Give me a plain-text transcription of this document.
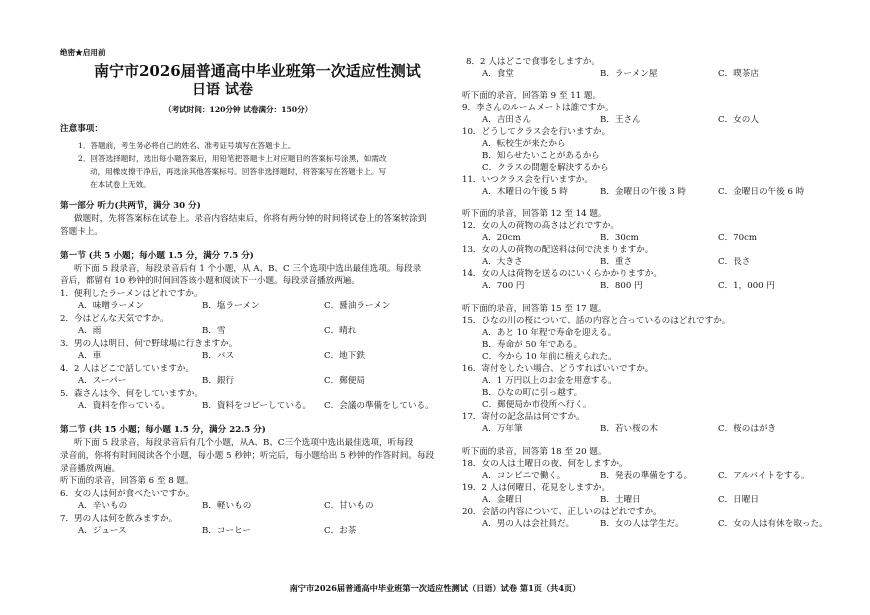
绝密★启用前
南宁市2026届普通高中毕业班第一次适应性测试
日语 试卷
（考试时间：120分钟 试卷满分：150分）
注意事项：
1．答题前，考生务必将自己的姓名、准考证号填写在答题卡上。
2．回答选择题时，选出每小题答案后，用铅笔把答题卡上对应题目的答案标号涂黑，如需改
动，用橡皮擦干净后，再选涂其他答案标号。回答非选择题时，将答案写在答题卡上。写
在本试卷上无效。
第一部分 听力(共两节，满分 30 分)
做题时，先将答案标在试卷上。录音内容结束后，你将有两分钟的时间将试卷上的答案转涂到
答题卡上。
第一节 (共 5 小题；每小题 1.5 分，满分 7.5 分)
听下面 5 段录音，每段录音后有 1 个小题，从 A、B、C 三个选项中选出最佳选项。每段录
音后，都留有 10 秒钟的时间回答该小题和阅读下一小题。每段录音播放两遍。
1．便利したラーメンはどれですか。
A．味噌ラーメン	B．塩ラーメン	C．醤油ラーメン
2．今はどんな天気ですか。
A．雨	B．雪	C．晴れ
3．男の人は明日、何で野球場に行きますか。
A．車	B．バス	C．地下鉄
4．2 人はどこで話していますか。
A．スーパー	B．銀行	C．郵便局
5．森さんは今、何をしていますか。
A．資料を作っている。	B．資料をコピーしている。 C．会議の準備をしている。
第二节 (共 15 小题；每小题 1.5 分，满分 22.5 分)
听下面 5 段录音，每段录音后有几个小题，从A、B、C三个选项中选出最佳选项，听每段
录音前，你将有时间阅读各个小题，每小题 5 秒钟；听完后，每小题给出 5 秒钟的作答时间。每段
录音播放两遍。
听下面的录音，回答第 6 至 8 题。
6．女の人は何が食べたいですか。
A．辛いもの	B．軽いもの	C．甘いもの
7．男の人は何を飲みますか。
A．ジュース	B．コーヒー	C．お茶
8．2 人はどこで食事をしますか。
A．食堂	B．ラーメン屋	C．喫茶店
听下面的录音，回答第 9 至 11 题。
9．李さんのルームメートは誰ですか。
A．吉田さん	B．王さん	C．女の人
10．どうしてクラス会を行いますか。
A．転校生が来たから
B．知らせたいことがあるから
C．クラスの問題を解決するから
11．いつクラス会を行いますか。
A．木曜日の午後 5 時	B．金曜日の午後 3 時	C．金曜日の午後 6 時
听下面的录音，回答第 12 至 14 题。
12．女の人の荷物の高さはどれですか。
A．20cm	B．30cm	C．70cm
13．女の人の荷物の配送料は何で決まりますか。
A．大きさ	B．重さ	C．長さ
14．女の人は荷物を送るのにいくらかかりますか。
A．700 円	B．800 円	C．1，000 円
听下面的录音，回答第 15 至 17 题。
15．ひなの川の桜について、話の内容と合っているのはどれですか。
A．あと 10 年程で寿命を迎える。
B．寿命が 50 年である。
C．今から 10 年前に植えられた。
16．寄付をしたい場合、どうすればいいですか。
A．1 万円以上のお金を用意する。
B．ひなの町に引っ越す。
C．郵便局か市役所へ行く。
17．寄付の記念品は何ですか。
A．万年筆	B．若い桜の木	C．桜のはがき
听下面的录音，回答第 18 至 20 题。
18．女の人は土曜日の夜、何をしますか。
A．コンビニで働く。	B．発表の準備をする。	C．アルバイトをする。
19．2 人は何曜日、花見をしますか。
A．金曜日	B．土曜日	C．日曜日
20．会話の内容について、正しいのはどれですか。
A．男の人は会社員だ。	B．女の人は学生だ。	C．女の人は有休を取った。
南宁市2026届普通高中毕业班第一次适应性测试（日语）试卷 第1页（共4页）
